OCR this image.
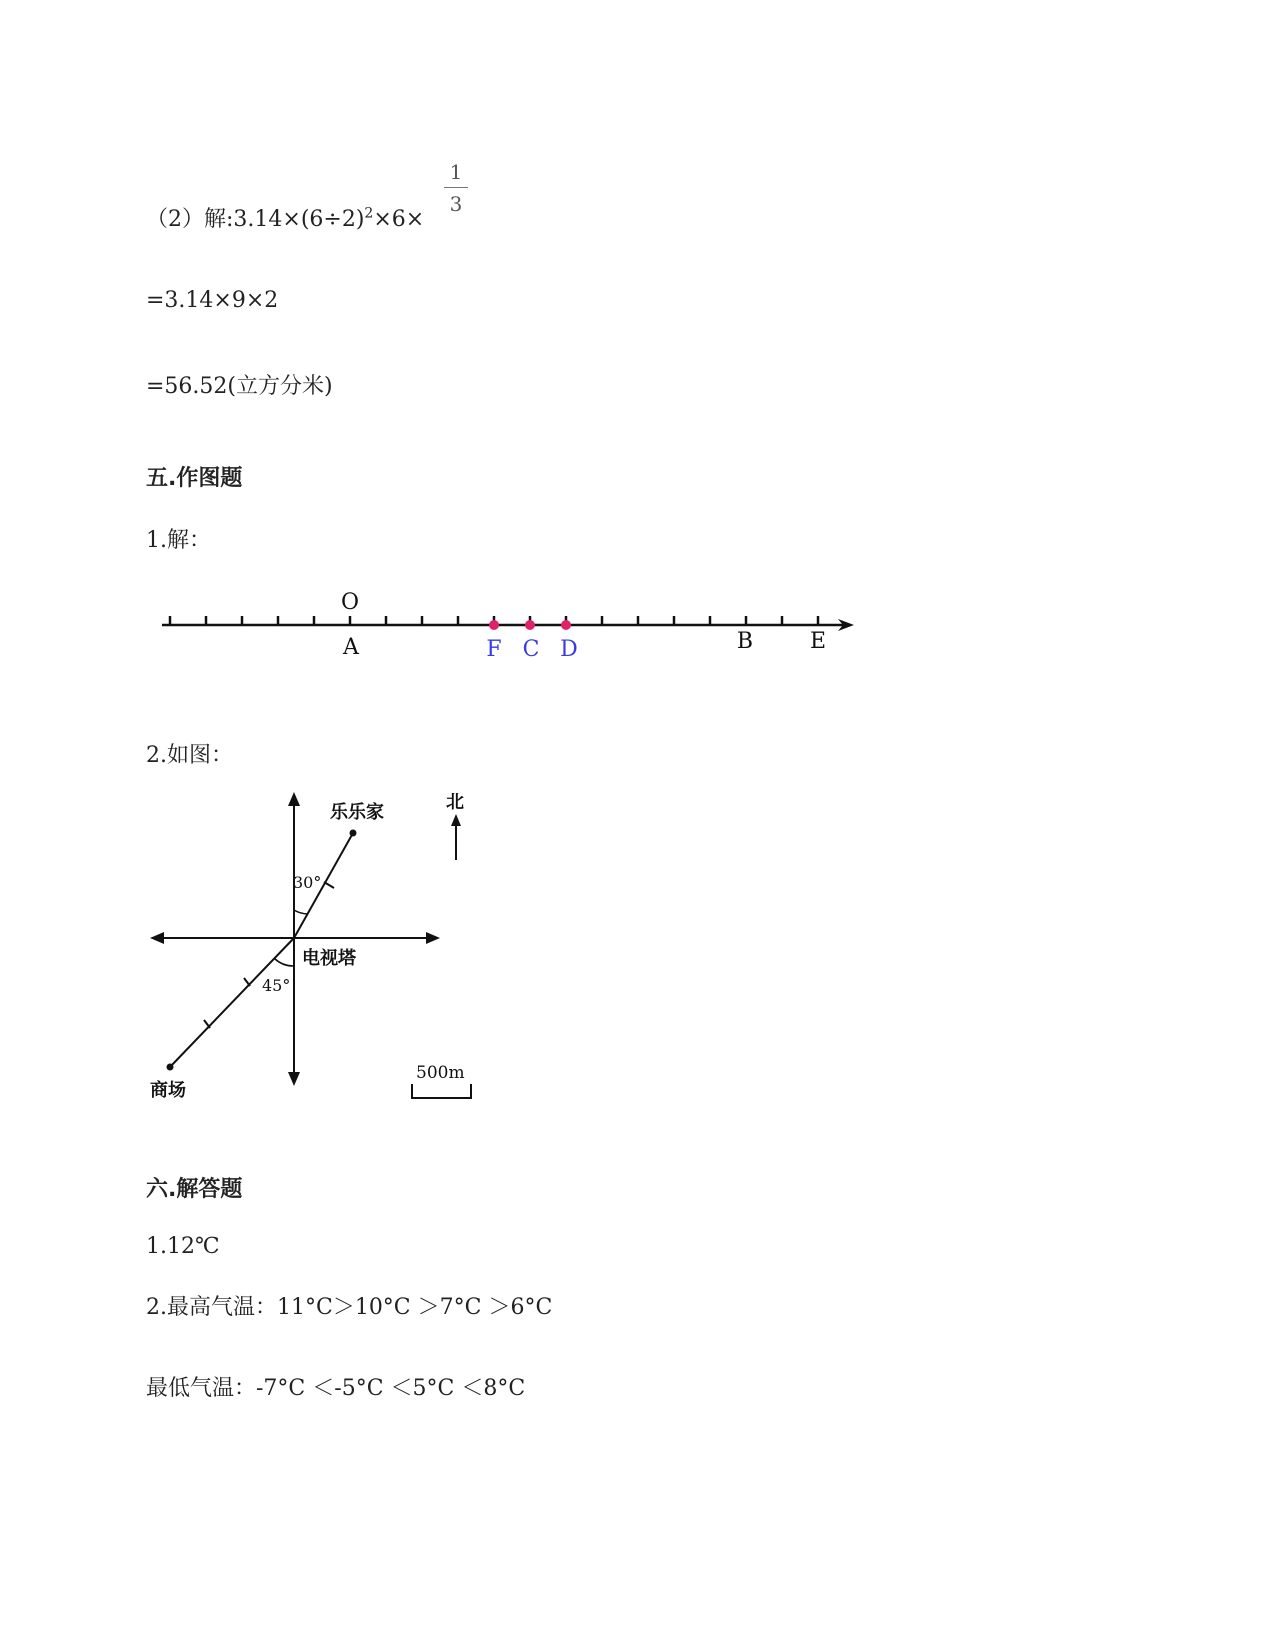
（2）解$:3.14\times(6\div 2)^2\times 6\times$
1
3
=3.14×9×2
=56.52(立方分米)
五.作图题
1.解：
O
A	F C D	B	E
2.如图：
30°
45°
乐乐家
电视塔
商场
北
500m
六.解答题
1.12℃
2.最高气温：11°C＞10°C ＞7°C ＞6°C
最低气温：-7°C ＜-5°C ＜5°C ＜8°C
